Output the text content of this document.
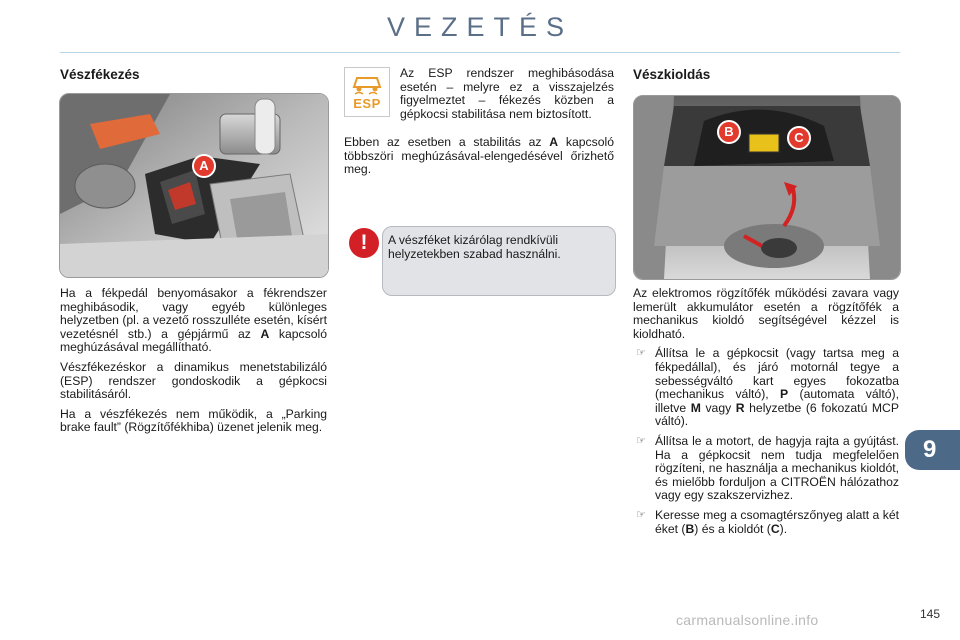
VEZETÉS
Vészfékezés
A

Ha a fékpedál benyomásakor a fékrendszer meghibásodik, vagy egyéb különleges helyzetben (pl. a vezető rosszulléte esetén, kísért vezetésnél stb.) a gépjármű az A kapcsoló meghúzásával megállítható.

Vészfékezéskor a dinamikus menetstabilizáló (ESP) rendszer gondoskodik a gépkocsi stabilitásáról.

Ha a vészfékezés nem működik, a „Parking brake fault” (Rögzítőfékhiba) üzenet jelenik meg.

ESP

Az ESP rendszer meghibásodása esetén – melyre ez a visszajelzés figyelmeztet – fékezés közben a gépkocsi stabilitása nem biztosított.

Ebben az esetben a stabilitás az A kapcsoló többszöri meghúzásával-elengedésével őrizhető meg.

!	A vészféket kizárólag rendkívüli helyzetekben szabad használni.
Vészkioldás
B	C

Az elektromos rögzítőfék működési zavara vagy lemerült akkumulátor esetén a rögzítőfék a mechanikus kioldó segítségével kézzel is kioldható.

☞ Állítsa le a gépkocsit (vagy tartsa meg a fékpedállal), és járó motornál tegye a sebességváltó kart egyes fokozatba (mechanikus váltó), P (automata váltó), illetve M vagy R helyzetbe (6 fokozatú MCP váltó).
☞ Állítsa le a motort, de hagyja rajta a gyújtást. Ha a gépkocsit nem tudja megfelelően rögzíteni, ne használja a mechanikus kioldót, és mielőbb forduljon a CITROËN hálózathoz vagy egy szakszervizhez.
☞ Keresse meg a csomagtérszőnyeg alatt a két éket (B) és a kioldót (C).
9
145
carmanualsonline.info
